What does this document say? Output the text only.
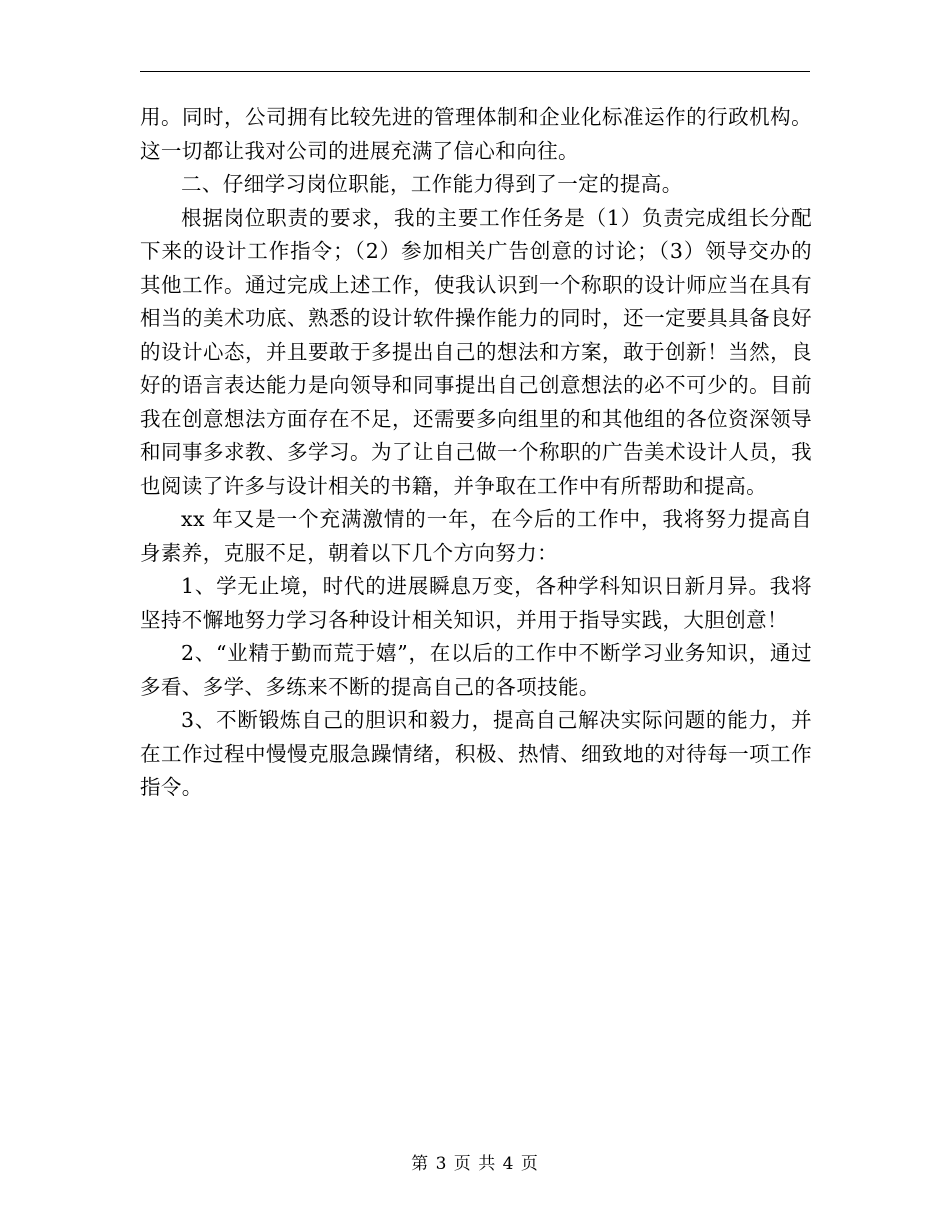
用。同时，公司拥有比较先进的管理体制和企业化标准运作的行政机构。这一切都让我对公司的进展充满了信心和向往。

二、仔细学习岗位职能，工作能力得到了一定的提高。

根据岗位职责的要求，我的主要工作任务是（1）负责完成组长分配下来的设计工作指令；（2）参加相关广告创意的讨论；（3）领导交办的其他工作。通过完成上述工作，使我认识到一个称职的设计师应当在具有相当的美术功底、熟悉的设计软件操作能力的同时，还一定要具具备良好的设计心态，并且要敢于多提出自己的想法和方案，敢于创新！当然，良好的语言表达能力是向领导和同事提出自己创意想法的必不可少的。目前我在创意想法方面存在不足，还需要多向组里的和其他组的各位资深领导和同事多求教、多学习。为了让自己做一个称职的广告美术设计人员，我也阅读了许多与设计相关的书籍，并争取在工作中有所帮助和提高。

xx 年又是一个充满激情的一年，在今后的工作中，我将努力提高自身素养，克服不足，朝着以下几个方向努力：

1、学无止境，时代的进展瞬息万变，各种学科知识日新月异。我将坚持不懈地努力学习各种设计相关知识，并用于指导实践，大胆创意！

2、“业精于勤而荒于嬉”，在以后的工作中不断学习业务知识，通过多看、多学、多练来不断的提高自己的各项技能。

3、不断锻炼自己的胆识和毅力，提高自己解决实际问题的能力，并在工作过程中慢慢克服急躁情绪，积极、热情、细致地的对待每一项工作指令。

第 3 页 共 4 页
